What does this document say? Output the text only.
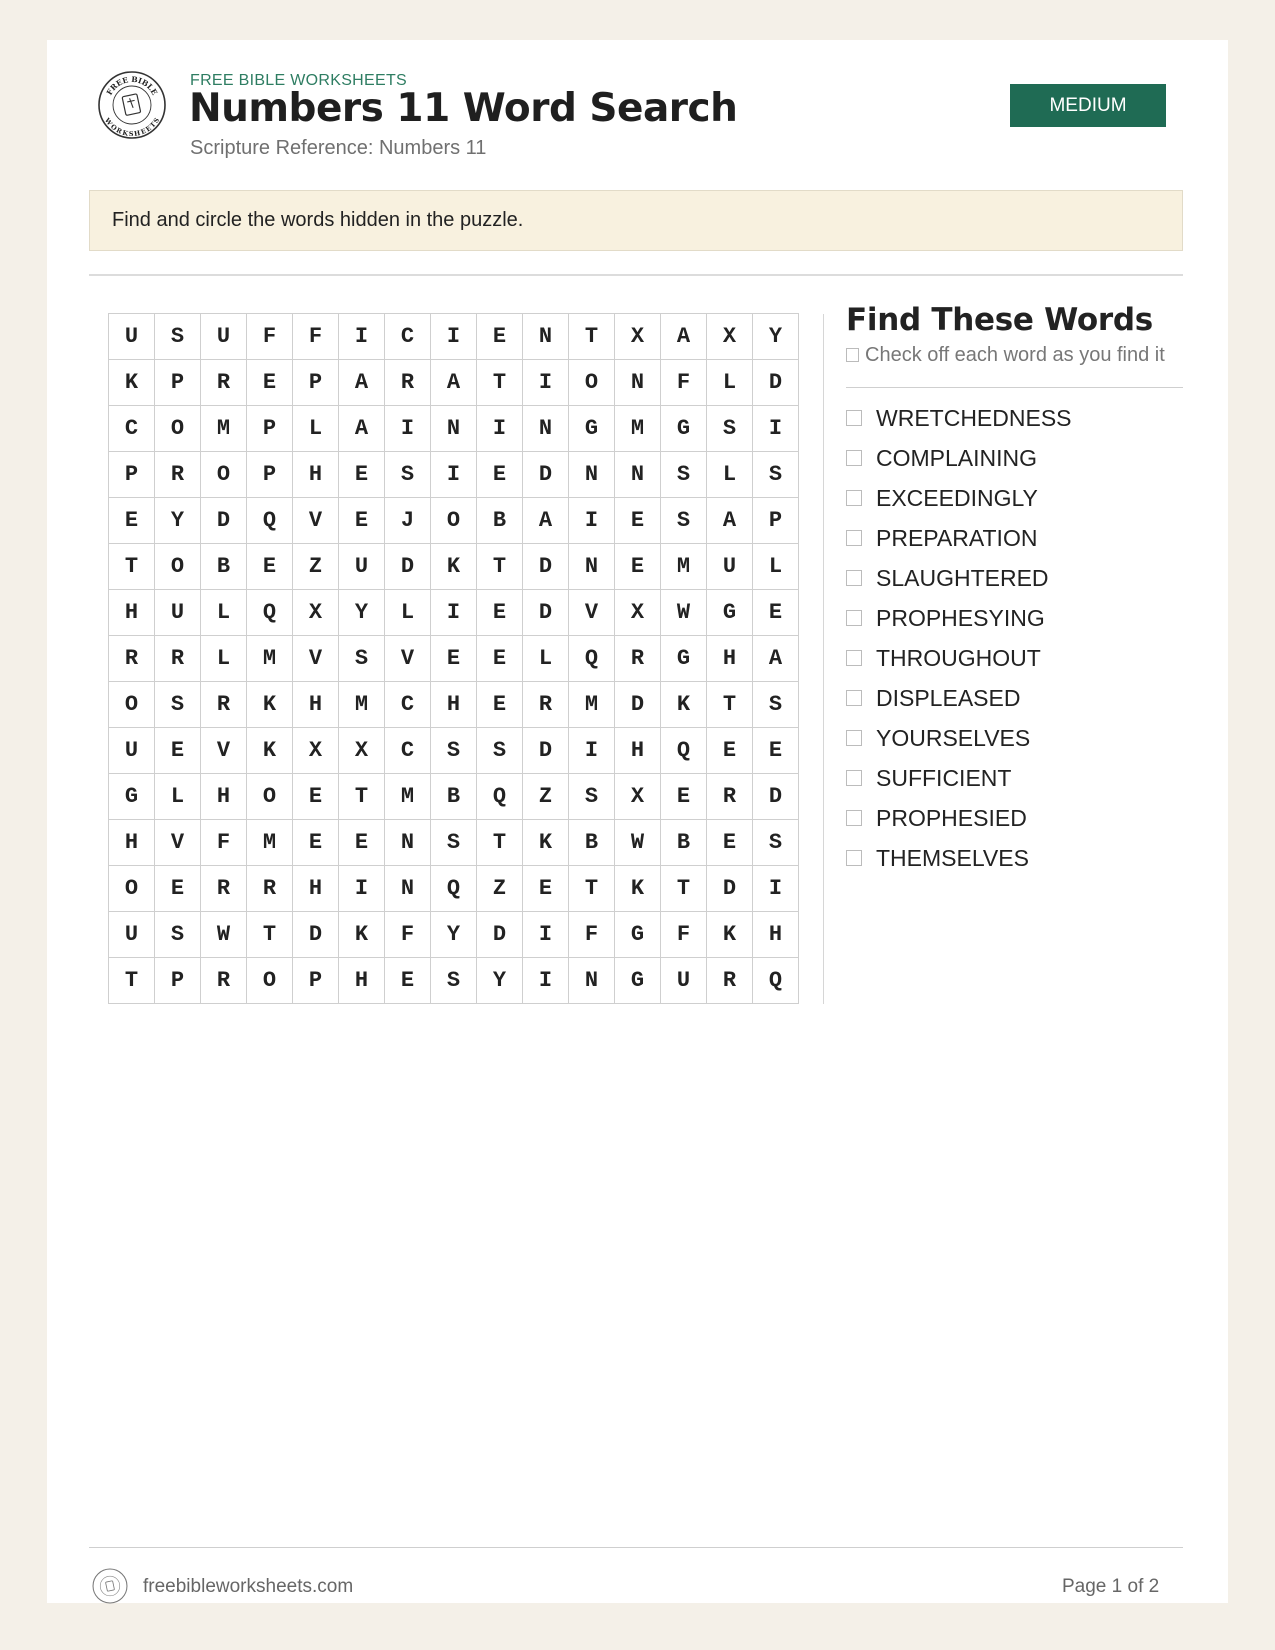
FREE BIBLE
WORKSHEETS
FREE BIBLE WORKSHEETS
Numbers 11 Word Search
Scripture Reference: Numbers 11
MEDIUM
Find and circle the words hidden in the puzzle.
U	S	U	F	F	I	C	I	E	N	T	X	A	X	Y
K	P	R	E	P	A	R	A	T	I	O	N	F	L	D
C	O	M	P	L	A	I	N	I	N	G	M	G	S	I
P	R	O	P	H	E	S	I	E	D	N	N	S	L	S
E	Y	D	Q	V	E	J	O	B	A	I	E	S	A	P
T	O	B	E	Z	U	D	K	T	D	N	E	M	U	L
H	U	L	Q	X	Y	L	I	E	D	V	X	W	G	E
R	R	L	M	V	S	V	E	E	L	Q	R	G	H	A
O	S	R	K	H	M	C	H	E	R	M	D	K	T	S
U	E	V	K	X	X	C	S	S	D	I	H	Q	E	E
G	L	H	O	E	T	M	B	Q	Z	S	X	E	R	D
H	V	F	M	E	E	N	S	T	K	B	W	B	E	S
O	E	R	R	H	I	N	Q	Z	E	T	K	T	D	I
U	S	W	T	D	K	F	Y	D	I	F	G	F	K	H
T	P	R	O	P	H	E	S	Y	I	N	G	U	R	Q
Find These Words
Check off each word as you find it
WRETCHEDNESS
COMPLAINING
EXCEEDINGLY
PREPARATION
SLAUGHTERED
PROPHESYING
THROUGHOUT
DISPLEASED
YOURSELVES
SUFFICIENT
PROPHESIED
THEMSELVES
freebibleworksheets.com	Page 1 of 2
